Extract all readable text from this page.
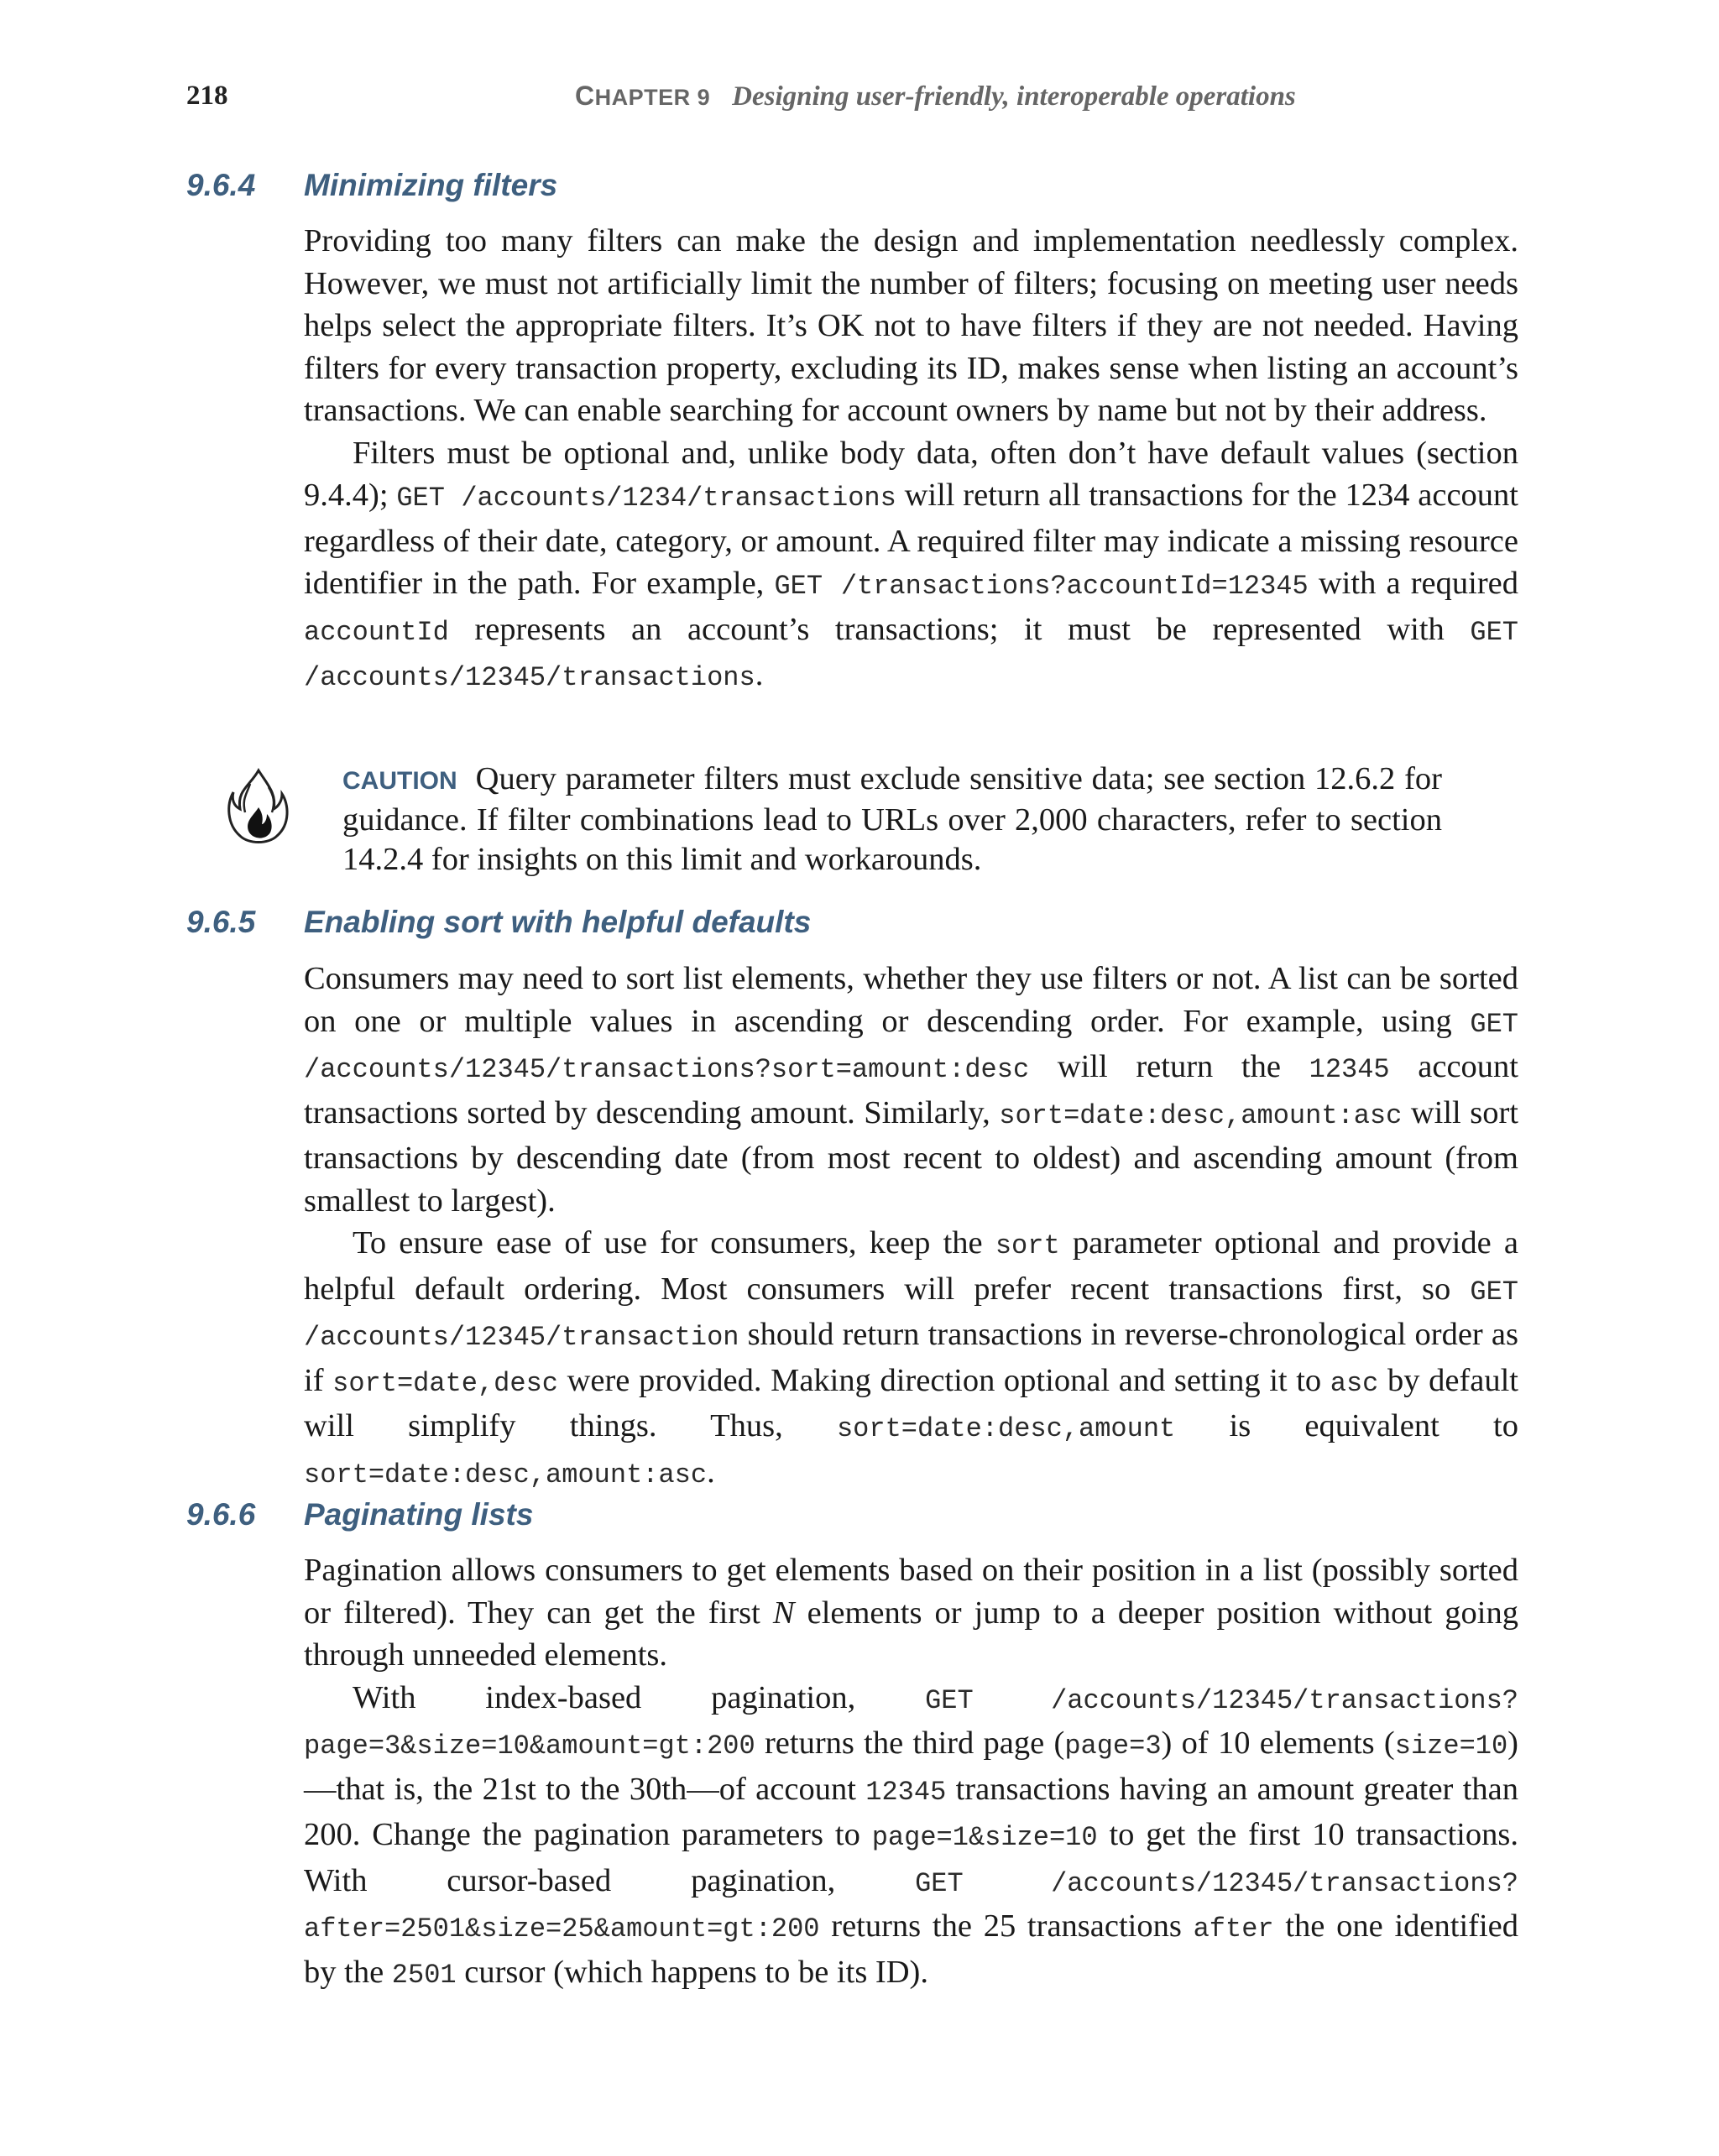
218	CHAPTER 9 Designing user-friendly, interoperable operations
9.6.4 Minimizing filters

Providing too many filters can make the design and implementation needlessly complex. However, we must not artificially limit the number of filters; focusing on meeting user needs helps select the appropriate filters. It’s OK not to have filters if they are not needed. Having filters for every transaction property, excluding its ID, makes sense when listing an account’s transactions. We can enable searching for account owners by name but not by their address.

Filters must be optional and, unlike body data, often don’t have default values (section 9.4.4); GET /accounts/1234/transactions will return all transactions for the 1234 account regardless of their date, category, or amount. A required filter may indicate a missing resource identifier in the path. For example, GET /transactions?accountId=12345 with a required accountId represents an account’s transactions; it must be represented with GET /accounts/12345/transactions.

CAUTION Query parameter filters must exclude sensitive data; see section 12.6.2 for guidance. If filter combinations lead to URLs over 2,000 characters, refer to section 14.2.4 for insights on this limit and workarounds.
9.6.5 Enabling sort with helpful defaults

Consumers may need to sort list elements, whether they use filters or not. A list can be sorted on one or multiple values in ascending or descending order. For example, using GET /accounts/12345/transactions?sort=amount:desc will return the 12345 account transactions sorted by descending amount. Similarly, sort=date:desc,amount:asc will sort transactions by descending date (from most recent to oldest) and ascending amount (from smallest to largest).

To ensure ease of use for consumers, keep the sort parameter optional and provide a helpful default ordering. Most consumers will prefer recent transactions first, so GET /accounts/12345/transaction should return transactions in reverse-chronological order as if sort=date,desc were provided. Making direction optional and setting it to asc by default will simplify things. Thus, sort=date:desc,amount is equivalent to sort=date:desc,amount:asc.

9.6.6 Paginating lists

Pagination allows consumers to get elements based on their position in a list (possibly sorted or filtered). They can get the first N elements or jump to a deeper position without going through unneeded elements.

With index-based pagination, GET /accounts/12345/transactions?page=3&size=10&amount=gt:200 returns the third page (page=3) of 10 elements (size=10)—that is, the 21st to the 30th—of account 12345 transactions having an amount greater than 200. Change the pagination parameters to page=1&size=10 to get the first 10 transactions. With cursor-based pagination, GET /accounts/12345/transactions?after=2501&size=25&amount=gt:200 returns the 25 transactions after the one identified by the 2501 cursor (which happens to be its ID).
